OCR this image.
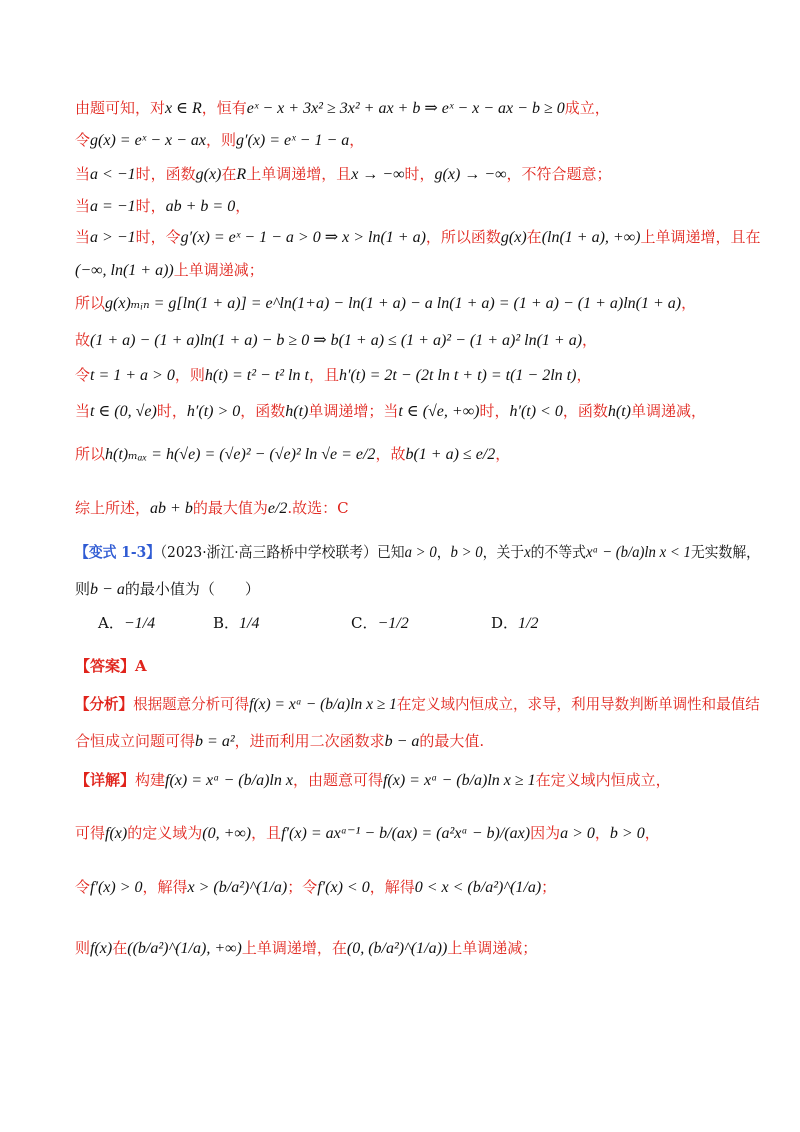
由题可知，对x ∈ R，恒有eˣ − x + 3x² ≥ 3x² + ax + b ⇒ eˣ − x − ax − b ≥ 0成立，
令g(x) = eˣ − x − ax，则g′(x) = eˣ − 1 − a，
当a < −1时，函数g(x)在R上单调递增，且x → −∞时，g(x) → −∞，不符合题意；
当a = −1时，ab + b = 0，
当a > −1时，令g′(x) = eˣ − 1 − a > 0 ⇒ x > ln(1 + a)，所以函数g(x)在(ln(1 + a), +∞)上单调递增，且在
(−∞, ln(1 + a))上单调递减；
所以g(x)ₘᵢₙ = g[ln(1 + a)] = e^ln(1+a) − ln(1 + a) − a ln(1 + a) = (1 + a) − (1 + a)ln(1 + a)，
故(1 + a) − (1 + a)ln(1 + a) − b ≥ 0 ⇒ b(1 + a) ≤ (1 + a)² − (1 + a)² ln(1 + a)，
令t = 1 + a > 0，则h(t) = t² − t² ln t，且h′(t) = 2t − (2t ln t + t) = t(1 − 2ln t)，
当t ∈ (0, √e)时，h′(t) > 0，函数h(t)单调递增；当t ∈ (√e, +∞)时，h′(t) < 0，函数h(t)单调递减，
所以h(t)ₘₐₓ = h(√e) = (√e)² − (√e)² ln √e = e/2，故b(1 + a) ≤ e/2，
综上所述，ab + b的最大值为e/2.故选：C
【变式 1-3】（2023·浙江·高三路桥中学校联考）已知a > 0，b > 0，关于x的不等式xᵃ − (b/a)ln x < 1无实数解，
则b − a的最小值为（　　）
A．−1/4	B．1/4	C．−1/2	D．1/2
【答案】A
【分析】根据题意分析可得f(x) = xᵃ − (b/a)ln x ≥ 1在定义域内恒成立，求导，利用导数判断单调性和最值结
合恒成立问题可得b = a²，进而利用二次函数求b − a的最大值.
【详解】构建f(x) = xᵃ − (b/a)ln x，由题意可得f(x) = xᵃ − (b/a)ln x ≥ 1在定义域内恒成立，
可得f(x)的定义域为(0, +∞)，且f′(x) = axᵃ⁻¹ − b/(ax) = (a²xᵃ − b)/(ax)因为a > 0，b > 0，
令f′(x) > 0，解得x > (b/a²)^(1/a)；令f′(x) < 0，解得0 < x < (b/a²)^(1/a)；
则f(x)在((b/a²)^(1/a), +∞)上单调递增，在(0, (b/a²)^(1/a))上单调递减；
